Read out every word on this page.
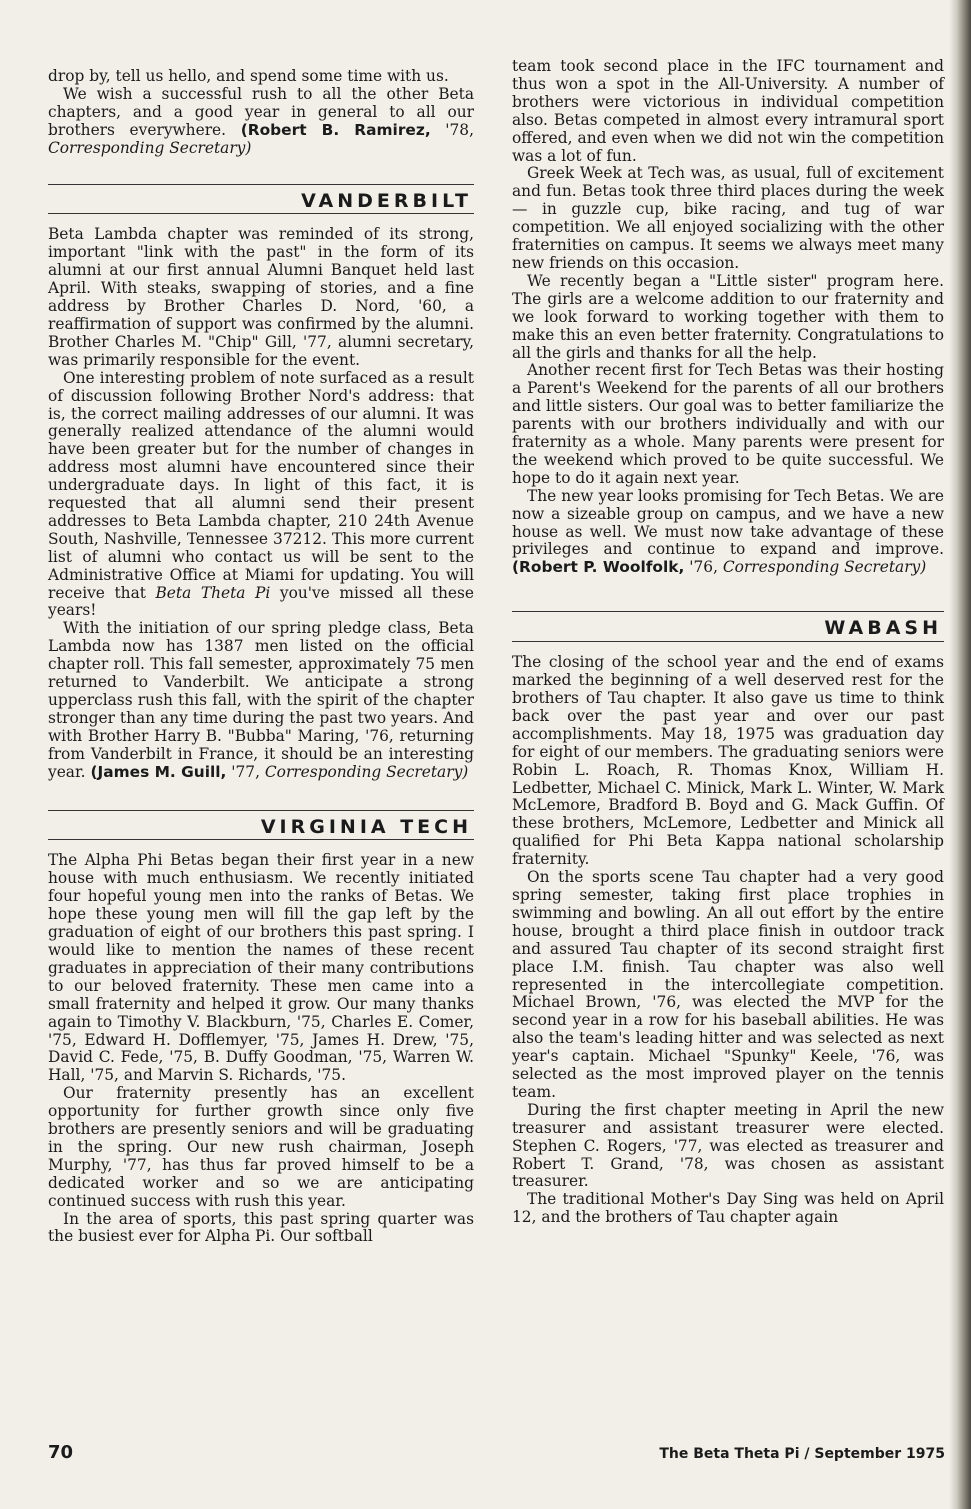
drop by, tell us hello, and spend some time with us.

We wish a successful rush to all the other Beta chapters, and a good year in general to all our brothers everywhere. (Robert B. Ramirez, '78, Corresponding Secretary)

VANDERBILT

Beta Lambda chapter was reminded of its strong, important "link with the past" in the form of its alumni at our first annual Alumni Banquet held last April. With steaks, swapping of stories, and a fine address by Brother Charles D. Nord, '60, a reaffirmation of support was confirmed by the alumni. Brother Charles M. "Chip" Gill, '77, alumni secretary, was primarily responsible for the event.

One interesting problem of note surfaced as a result of discussion following Brother Nord's address: that is, the correct mailing addresses of our alumni. It was generally realized attendance of the alumni would have been greater but for the number of changes in address most alumni have encountered since their undergraduate days. In light of this fact, it is requested that all alumni send their present addresses to Beta Lambda chapter, 210 24th Avenue South, Nashville, Tennessee 37212. This more current list of alumni who contact us will be sent to the Administrative Office at Miami for updating. You will receive that Beta Theta Pi you've missed all these years!

With the initiation of our spring pledge class, Beta Lambda now has 1387 men listed on the official chapter roll. This fall semester, approximately 75 men returned to Vanderbilt. We anticipate a strong upperclass rush this fall, with the spirit of the chapter stronger than any time during the past two years. And with Brother Harry B. "Bubba" Maring, '76, returning from Vanderbilt in France, it should be an interesting year. (James M. Guill, '77, Corresponding Secretary)

VIRGINIA TECH

The Alpha Phi Betas began their first year in a new house with much enthusiasm. We recently initiated four hopeful young men into the ranks of Betas. We hope these young men will fill the gap left by the graduation of eight of our brothers this past spring. I would like to mention the names of these recent graduates in appreciation of their many contributions to our beloved fraternity. These men came into a small fraternity and helped it grow. Our many thanks again to Timothy V. Blackburn, '75, Charles E. Comer, '75, Edward H. Dofflemyer, '75, James H. Drew, '75, David C. Fede, '75, B. Duffy Goodman, '75, Warren W. Hall, '75, and Marvin S. Richards, '75.

Our fraternity presently has an excellent opportunity for further growth since only five brothers are presently seniors and will be graduating in the spring. Our new rush chairman, Joseph Murphy, '77, has thus far proved himself to be a dedicated worker and so we are anticipating continued success with rush this year.

In the area of sports, this past spring quarter was the busiest ever for Alpha Pi. Our softball

team took second place in the IFC tournament and thus won a spot in the All-University. A number of brothers were victorious in individual competition also. Betas competed in almost every intramural sport offered, and even when we did not win the competition was a lot of fun.

Greek Week at Tech was, as usual, full of excitement and fun. Betas took three third places during the week — in guzzle cup, bike racing, and tug of war competition. We all enjoyed socializing with the other fraternities on campus. It seems we always meet many new friends on this occasion.

We recently began a "Little sister" program here. The girls are a welcome addition to our fraternity and we look forward to working together with them to make this an even better fraternity. Congratulations to all the girls and thanks for all the help.

Another recent first for Tech Betas was their hosting a Parent's Weekend for the parents of all our brothers and little sisters. Our goal was to better familiarize the parents with our brothers individually and with our fraternity as a whole. Many parents were present for the weekend which proved to be quite successful. We hope to do it again next year.

The new year looks promising for Tech Betas. We are now a sizeable group on campus, and we have a new house as well. We must now take advantage of these privileges and continue to expand and improve. (Robert P. Woolfolk, '76, Corresponding Secretary)

WABASH

The closing of the school year and the end of exams marked the beginning of a well deserved rest for the brothers of Tau chapter. It also gave us time to think back over the past year and over our past accomplishments. May 18, 1975 was graduation day for eight of our members. The graduating seniors were Robin L. Roach, R. Thomas Knox, William H. Ledbetter, Michael C. Minick, Mark L. Winter, W. Mark McLemore, Bradford B. Boyd and G. Mack Guffin. Of these brothers, McLemore, Ledbetter and Minick all qualified for Phi Beta Kappa national scholarship fraternity.

On the sports scene Tau chapter had a very good spring semester, taking first place trophies in swimming and bowling. An all out effort by the entire house, brought a third place finish in outdoor track and assured Tau chapter of its second straight first place I.M. finish. Tau chapter was also well represented in the intercollegiate competition. Michael Brown, '76, was elected the MVP for the second year in a row for his baseball abilities. He was also the team's leading hitter and was selected as next year's captain. Michael "Spunky" Keele, '76, was selected as the most improved player on the tennis team.

During the first chapter meeting in April the new treasurer and assistant treasurer were elected. Stephen C. Rogers, '77, was elected as treasurer and Robert T. Grand, '78, was chosen as assistant treasurer.

The traditional Mother's Day Sing was held on April 12, and the brothers of Tau chapter again

70	The Beta Theta Pi / September 1975
